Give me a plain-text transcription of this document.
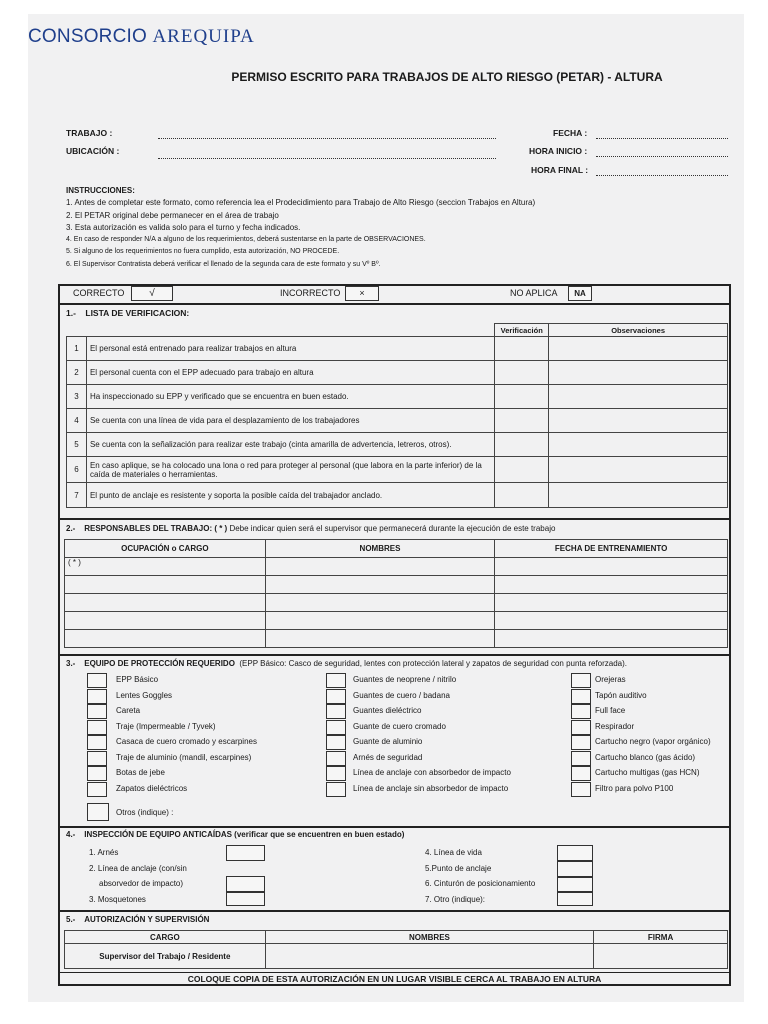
CONSORCIO AREQUIPA
PERMISO ESCRITO PARA TRABAJOS DE ALTO RIESGO (PETAR) - ALTURA
TRABAJO :
UBICACIÓN :
FECHA :
HORA INICIO :
HORA FINAL :
INSTRUCCIONES:
1. Antes de completar este formato, como referencia lea el Prodecidimiento para Trabajo de Alto Riesgo (seccion Trabajos en Altura)
2. El PETAR original debe permanecer en el área de trabajo
3. Esta autorización es valida solo para el turno y fecha indicados.
4. En caso de responder N/A a alguno de los requerimientos, deberá sustentarse en la parte de OBSERVACIONES.
5. Si alguno de los requerimientos no fuera cumplido, esta autorización, NO PROCEDE.
6. El Supervisor Contratista deberá verificar el llenado de la segunda cara de este formato y su Vº Bº.
CORRECTO	√	INCORRECTO	×	NO APLICA	NA
1.- LISTA DE VERIFICACION:
		Verificación	Observaciones
1	El personal está entrenado para realizar trabajos en altura		
2	El personal cuenta con el EPP adecuado para trabajo en altura		
3	Ha inspeccionado su EPP y verificado que se encuentra en buen estado.		
4	Se cuenta con una línea de vida para el desplazamiento de los trabajadores		
5	Se cuenta con la señalización para realizar este trabajo (cinta amarilla de advertencia, letreros, otros).		
6	En caso aplique, se ha colocado una lona o red para proteger al personal (que labora en la parte inferior) de la caída de materiales o herramientas.		
7	El punto de anclaje es resistente y soporta la posible caída del trabajador anclado.		
2.- RESPONSABLES DEL TRABAJO: ( * ) Debe indicar quien será el supervisor que permanecerá durante la ejecución de este trabajo
OCUPACIÓN o CARGO	NOMBRES	FECHA DE ENTRENAMIENTO
( * )		

3.- EQUIPO DE PROTECCIÓN REQUERIDO (EPP Básico: Casco de seguridad, lentes con protección lateral y zapatos de seguridad con punta reforzada).
EPP Básico
Lentes Goggles
Careta
Traje (Impermeable / Tyvek)
Casaca de cuero cromado y escarpines
Traje de aluminio (mandil, escarpines)
Botas de jebe
Zapatos dieléctricos
Otros (indique) :
Guantes de neoprene / nitrilo
Guantes de cuero / badana
Guantes dieléctrico
Guante de cuero cromado
Guante de aluminio
Arnés de seguridad
Línea de anclaje con absorbedor de impacto
Línea de anclaje sin absorbedor de impacto
Orejeras
Tapón auditivo
Full face
Respirador
Cartucho negro (vapor orgánico)
Cartucho blanco (gas ácido)
Cartucho multigas (gas HCN)
Filtro para polvo P100
4.- INSPECCIÓN DE EQUIPO ANTICAÍDAS (verificar que se encuentren en buen estado)
1. Arnés
2. Línea de anclaje (con/sin
absorvedor de impacto)
3. Mosquetones
4. Línea de vida
5.Punto de anclaje
6. Cinturón de posicionamiento
7. Otro (indique):
5.- AUTORIZACIÓN Y SUPERVISIÓN
CARGO	NOMBRES	FIRMA
Supervisor del Trabajo / Residente		
COLOQUE COPIA DE ESTA AUTORIZACIÓN EN UN LUGAR VISIBLE CERCA AL TRABAJO EN ALTURA
